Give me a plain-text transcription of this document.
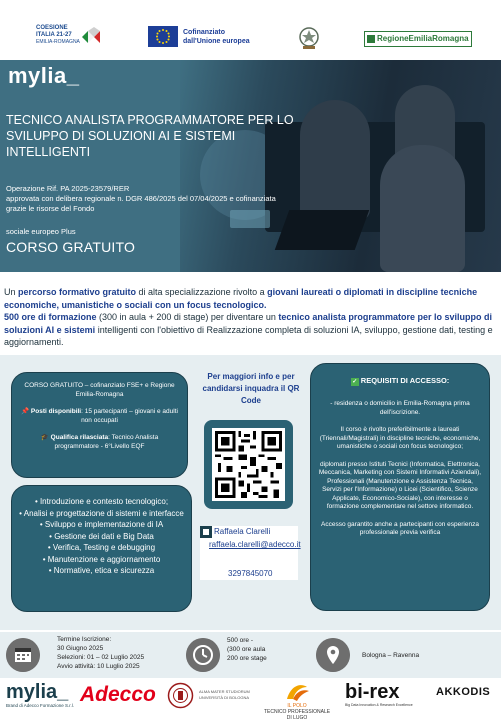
COESIONE
ITALIA 21-27
EMILIA-ROMAGNA
Cofinanziato
dall'Unione europea	RegioneEmiliaRomagna
mylia_
TECNICO ANALISTA PROGRAMMATORE PER LO SVILUPPO DI SOLUZIONI AI E SISTEMI INTELLIGENTI
Operazione Rif. PA 2025-23579/RER
approvata con delibera regionale n. DGR 486/2025 del 07/04/2025 e cofinanziata grazie le risorse del Fondo
sociale europeo Plus
CORSO GRATUITO

Un percorso formativo gratuito di alta specializzazione rivolto a giovani laureati o diplomati in discipline tecniche economiche, umanistiche o sociali con un focus tecnologico.

500 ore di formazione (300 in aula + 200 di stage) per diventare un tecnico analista programmatore per lo sviluppo di soluzioni AI e sistemi intelligenti con l'obiettivo di Realizzazione completa di soluzioni IA, sviluppo, gestione dati, testing e aggiornamenti.

CORSO GRATUITO – cofinanziato FSE+ e Regione Emilia-Romagna
📌 Posti disponibili: 15 partecipanti – giovani e adulti non occupati
🎓 Qualifica rilasciata: Tecnico Analista programmatore - 6°Livello EQF
• Introduzione e contesto tecnologico;
• Analisi e progettazione di sistemi e interfacce
• Sviluppo e implementazione di IA
• Gestione dei dati e Big Data
• Verifica, Testing e debugging
• Manutenzione e aggiornamento
• Normative, etica e sicurezza
Per maggiori info e per candidarsi inquadra il QR Code
Raffaela Clarelli
raffaela.clarelli@adecco.it
3297845070
✓ REQUISITI DI ACCESSO:
- residenza o domicilio in Emilia-Romagna prima dell'iscrizione.
Il corso è rivolto preferibilmente a laureati (Triennali/Magistrali) in discipline tecniche, economiche, umanistiche o sociali con focus tecnologico;
diplomati presso Istituti Tecnici (Informatica, Elettronica, Meccanica, Marketing con Sistemi Informativi Aziendali), Professionali (Manutenzione e Assistenza Tecnica, Servizi per l'Informazione) o Licei (Scientifico, Scienze Applicate, Economico-Sociale), con interesse o formazione complementare nel settore informatico.
Accesso garantito anche a partecipanti con esperienza professionale previa verifica
Termine Iscrizione:
30 Giugno 2025
Selezioni: 01 – 02 Luglio 2025
Avvio attività: 10 Luglio 2025
500 ore -
(300 ore aula
200 ore stage	Bologna – Ravenna
mylia_
Brand di Adecco Formazione S.r.l. Adecco	ALMA MATER STUDIORUM
UNIVERSITÀ DI BOLOGNA
IL POLO
TECNICO PROFESSIONALE
DI LUGO
bi-rex
Big Data Innovation & Research Excellence
AKKODIS
